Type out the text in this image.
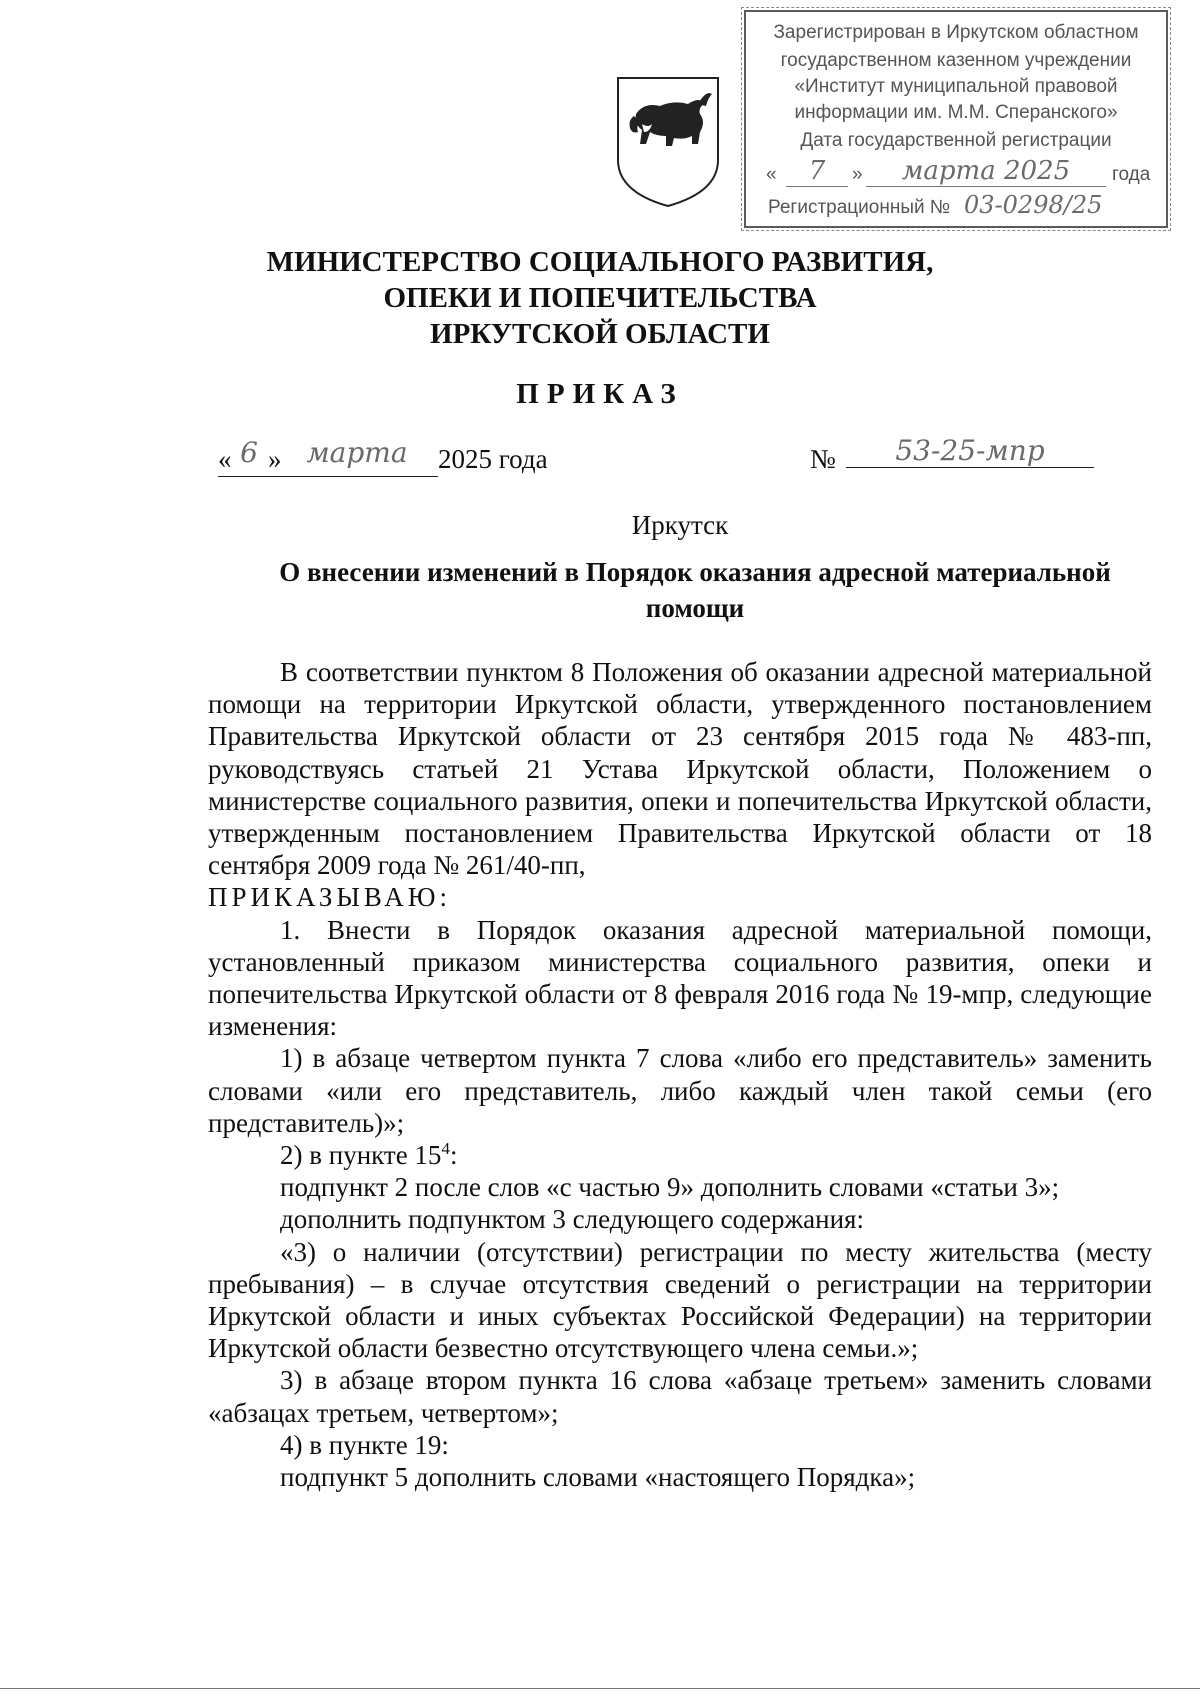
Зарегистрирован в Иркутском областном
государственном казенном учреждении
«Институт муниципальной правовой
информации им. М.М. Сперанского»
Дата государственной регистрации
«	7	»	марта 2025	года
Регистрационный № 03-0298/25
МИНИСТЕРСТВО СОЦИАЛЬНОГО РАЗВИТИЯ,
ОПЕКИ И ПОПЕЧИТЕЛЬСТВА
ИРКУТСКОЙ ОБЛАСТИ
ПРИКАЗ
« 6 » марта	2025 года	№	53-25-мпр
Иркутск
О внесении изменений в Порядок оказания адресной материальной
помощи

В соответствии пунктом 8 Положения об оказании адресной материальной помощи на территории Иркутской области, утвержденного постановлением Правительства Иркутской области от 23 сентября 2015 года № 483-пп, руководствуясь статьей 21 Устава Иркутской области, Положением о министерстве социального развития, опеки и попечительства Иркутской области, утвержденным постановлением Правительства Иркутской области от 18 сентября 2009 года № 261/40-пп,

ПРИКАЗЫВАЮ:

1. Внести в Порядок оказания адресной материальной помощи, установленный приказом министерства социального развития, опеки и попечительства Иркутской области от 8 февраля 2016 года № 19-мпр, следующие изменения:

1) в абзаце четвертом пункта 7 слова «либо его представитель» заменить словами «или его представитель, либо каждый член такой семьи (его представитель)»;

2) в пункте $15^4$:

подпункт 2 после слов «с частью 9» дополнить словами «статьи 3»;

дополнить подпунктом 3 следующего содержания:

«3) о наличии (отсутствии) регистрации по месту жительства (месту пребывания) – в случае отсутствия сведений о регистрации на территории Иркутской области и иных субъектах Российской Федерации) на территории Иркутской области безвестно отсутствующего члена семьи.»;

3) в абзаце втором пункта 16 слова «абзаце третьем» заменить словами «абзацах третьем, четвертом»;

4) в пункте 19:

подпункт 5 дополнить словами «настоящего Порядка»;
